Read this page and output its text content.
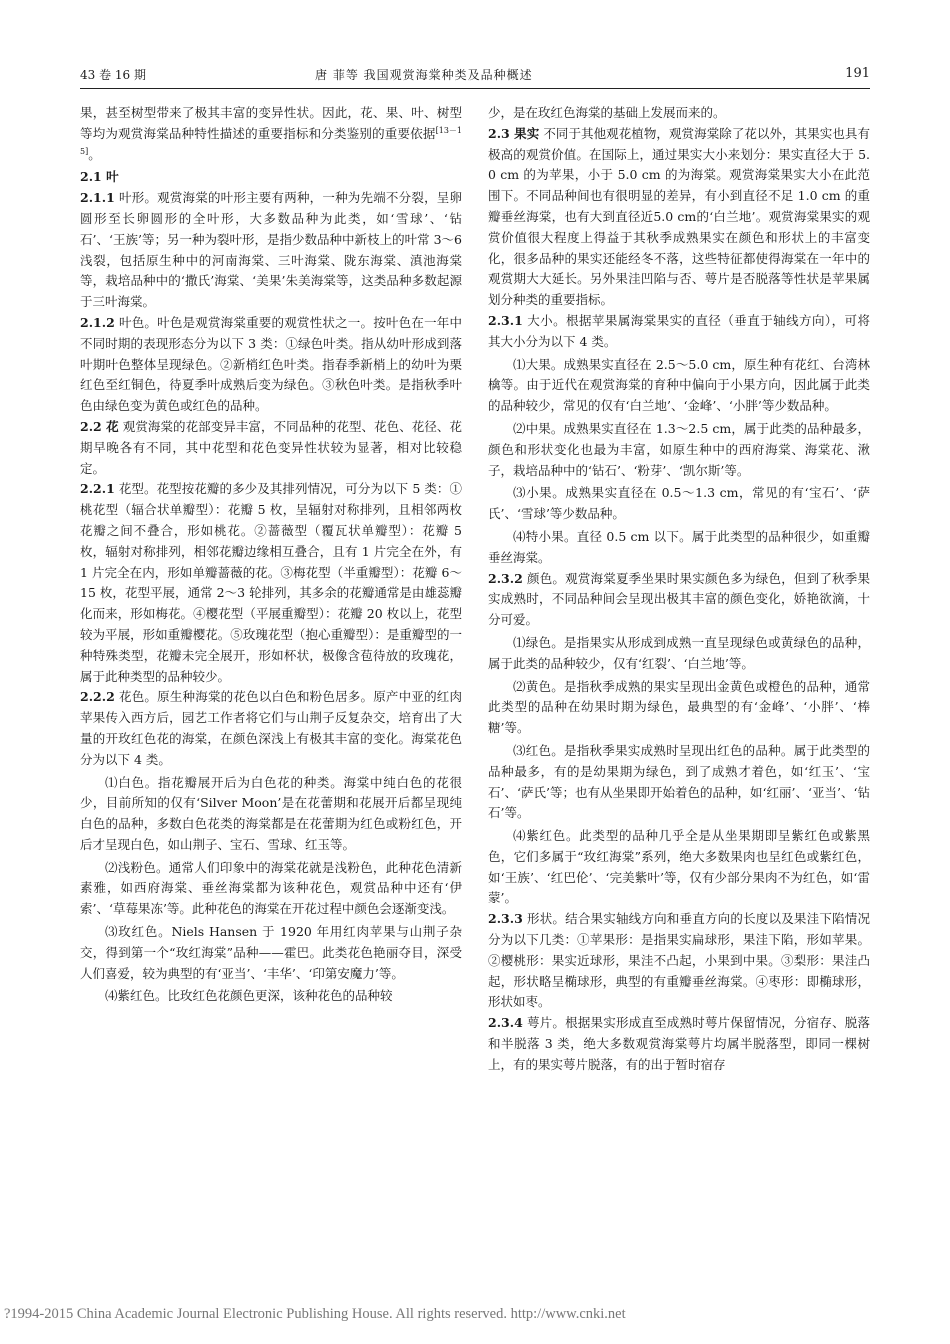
43 卷 16 期	唐 菲等 我国观赏海棠种类及品种概述	191

果，甚至树型带来了极其丰富的变异性状。因此，花、果、叶、树型等均为观赏海棠品种特性描述的重要指标和分类鉴别的重要依据[13－15]。

2.1 叶

2.1.1 叶形。观赏海棠的叶形主要有两种，一种为先端不分裂，呈卵圆形至长卵圆形的全叶形，大多数品种为此类，如‘雪球’、‘钻石’、‘王族’等；另一种为裂叶形，是指少数品种中新枝上的叶常 3～6 浅裂，包括原生种中的河南海棠、三叶海棠、陇东海棠、滇池海棠等，栽培品种中的‘撒氏’海棠、‘美果’朱美海棠等，这类品种多数起源于三叶海棠。

2.1.2 叶色。叶色是观赏海棠重要的观赏性状之一。按叶色在一年中不同时期的表现形态分为以下 3 类：①绿色叶类。指从幼叶形成到落叶期叶色整体呈现绿色。②新梢红色叶类。指春季新梢上的幼叶为栗红色至红铜色，待夏季叶成熟后变为绿色。③秋色叶类。是指秋季叶色由绿色变为黄色或红色的品种。

2.2 花 观赏海棠的花部变异丰富，不同品种的花型、花色、花径、花期早晚各有不同，其中花型和花色变异性状较为显著，相对比较稳定。

2.2.1 花型。花型按花瓣的多少及其排列情况，可分为以下 5 类：①桃花型（辐合状单瓣型）：花瓣 5 枚，呈辐射对称排列，且相邻两枚花瓣之间不叠合，形如桃花。②蔷薇型（覆瓦状单瓣型）：花瓣 5 枚，辐射对称排列，相邻花瓣边缘相互叠合，且有 1 片完全在外，有 1 片完全在内，形如单瓣蔷薇的花。③梅花型（半重瓣型）：花瓣 6～15 枚，花型平展，通常 2～3 轮排列，其多余的花瓣通常是由雄蕊瓣化而来，形如梅花。④樱花型（平展重瓣型）：花瓣 20 枚以上，花型较为平展，形如重瓣樱花。⑤玫瑰花型（抱心重瓣型）：是重瓣型的一种特殊类型，花瓣未完全展开，形如杯状，极像含苞待放的玫瑰花，属于此种类型的品种较少。

2.2.2 花色。原生种海棠的花色以白色和粉色居多。原产中亚的红肉苹果传入西方后，园艺工作者将它们与山荆子反复杂交，培育出了大量的开玫红色花的海棠，在颜色深浅上有极其丰富的变化。海棠花色分为以下 4 类。

⑴白色。指花瓣展开后为白色花的种类。海棠中纯白色的花很少，目前所知的仅有‘Silver Moon’是在花蕾期和花展开后都呈现纯白色的品种，多数白色花类的海棠都是在花蕾期为红色或粉红色，开后才呈现白色，如山荆子、宝石、雪球、红玉等。

⑵浅粉色。通常人们印象中的海棠花就是浅粉色，此种花色清新素雅，如西府海棠、垂丝海棠都为该种花色，观赏品种中还有‘伊索’、‘草莓果冻’等。此种花色的海棠在开花过程中颜色会逐渐变浅。

⑶玫红色。Niels Hansen 于 1920 年用红肉苹果与山荆子杂交，得到第一个“玫红海棠”品种——霍巴。此类花色艳丽夺目，深受人们喜爱，较为典型的有‘亚当’、‘丰华’、‘印第安魔力’等。

⑷紫红色。比玫红色花颜色更深，该种花色的品种较

少，是在玫红色海棠的基础上发展而来的。

2.3 果实 不同于其他观花植物，观赏海棠除了花以外，其果实也具有极高的观赏价值。在国际上，通过果实大小来划分：果实直径大于 5.0 cm 的为苹果，小于 5.0 cm 的为海棠。观赏海棠果实大小在此范围下。不同品种间也有很明显的差异，有小到直径不足 1.0 cm 的重瓣垂丝海棠，也有大到直径近5.0 cm的‘白兰地’。观赏海棠果实的观赏价值很大程度上得益于其秋季成熟果实在颜色和形状上的丰富变化，很多品种的果实还能经冬不落，这些特征都使得海棠在一年中的观赏期大大延长。另外果洼凹陷与否、萼片是否脱落等性状是苹果属划分种类的重要指标。

2.3.1 大小。根据苹果属海棠果实的直径（垂直于轴线方向），可将其大小分为以下 4 类。

⑴大果。成熟果实直径在 2.5～5.0 cm，原生种有花红、台湾林檎等。由于近代在观赏海棠的育种中偏向于小果方向，因此属于此类的品种较少，常见的仅有‘白兰地’、‘金峰’、‘小胖’等少数品种。

⑵中果。成熟果实直径在 1.3～2.5 cm，属于此类的品种最多，颜色和形状变化也最为丰富，如原生种中的西府海棠、海棠花、湫子，栽培品种中的‘钻石’、‘粉芽’、‘凯尔斯’等。

⑶小果。成熟果实直径在 0.5～1.3 cm，常见的有‘宝石’、‘萨氏’、‘雪球’等少数品种。

⑷特小果。直径 0.5 cm 以下。属于此类型的品种很少，如重瓣垂丝海棠。

2.3.2 颜色。观赏海棠夏季坐果时果实颜色多为绿色，但到了秋季果实成熟时，不同品种间会呈现出极其丰富的颜色变化，娇艳欲滴，十分可爱。

⑴绿色。是指果实从形成到成熟一直呈现绿色或黄绿色的品种，属于此类的品种较少，仅有‘红裂’、‘白兰地’等。

⑵黄色。是指秋季成熟的果实呈现出金黄色或橙色的品种，通常此类型的品种在幼果时期为绿色，最典型的有‘金峰’、‘小胖’、‘棒糖’等。

⑶红色。是指秋季果实成熟时呈现出红色的品种。属于此类型的品种最多，有的是幼果期为绿色，到了成熟才着色，如‘红玉’、‘宝石’、‘萨氏’等；也有从坐果即开始着色的品种，如‘红丽’、‘亚当’、‘钻石’等。

⑷紫红色。此类型的品种几乎全是从坐果期即呈紫红色或紫黑色，它们多属于“玫红海棠”系列，绝大多数果肉也呈红色或紫红色，如‘王族’、‘红巴伦’、‘完美紫叶’等，仅有少部分果肉不为红色，如‘雷蒙’。

2.3.3 形状。结合果实轴线方向和垂直方向的长度以及果洼下陷情况分为以下几类：①苹果形：是指果实扁球形，果洼下陷，形如苹果。②樱桃形：果实近球形，果洼不凸起，小果到中果。③梨形：果洼凸起，形状略呈椭球形，典型的有重瓣垂丝海棠。④枣形：即椭球形，形状如枣。

2.3.4 萼片。根据果实形成直至成熟时萼片保留情况，分宿存、脱落和半脱落 3 类，绝大多数观赏海棠萼片均属半脱落型，即同一棵树上，有的果实萼片脱落，有的出于暂时宿存

?1994-2015 China Academic Journal Electronic Publishing House. All rights reserved. http://www.cnki.net
